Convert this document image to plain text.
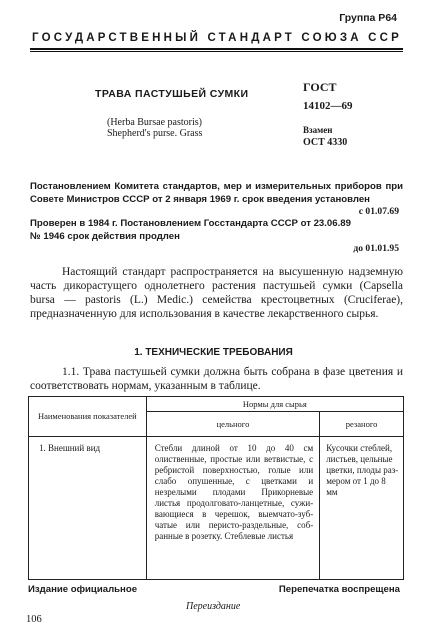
Группа Р64
ГОСУДАРСТВЕННЫЙ СТАНДАРТ СОЮЗА ССР
ТРАВА ПАСТУШЬЕЙ СУМКИ
(Herba Bursae pastoris)
Shepherd's purse. Grass
ГОСТ
14102—69
Взамен
ОСТ 4330
Постановлением Комитета стандартов, мер и измерительных приборов при Совете Министров СССР от 2 января 1969 г. срок введения установлен
с 01.07.69
Проверен в 1984 г. Постановлением Госстандарта СССР от 23.06.89
№ 1946 срок действия продлен
до 01.01.95
Настоящий стандарт распространяется на высушенную надземную часть дикорастущего однолетнего растения пастушьей сумки (Capsella bursa — pastoris (L.) Medic.) семейства крестоцветных (Cruciferae), предназначенную для использования в качестве лекарственного сырья.
1. ТЕХНИЧЕСКИЕ ТРЕБОВАНИЯ
1.1. Трава пастушьей сумки должна быть собрана в фазе цветения и соответствовать нормам, указанным в таблице.
Наименования показателей	Нормы для сырья	
	цельного	резаного
1. Внешний вид	Стебли длиной от 10 до 40 см олиственные, простые или ветвистые, с ребристой поверхностью, голые или слабо опушенные, с цветками и незрелыми плодами Прикорневые листья продолговато-ланцетные, суживающиеся в черешок, выемчато-зубчатые или перисто-раздельные, собранные в розетку. Стеблевые листья	Кусочки стеблей, листьев, цельные цветки, плоды размером от 1 до 8 мм
Издание официальное	Перепечатка воспрещена
Переиздание
106
